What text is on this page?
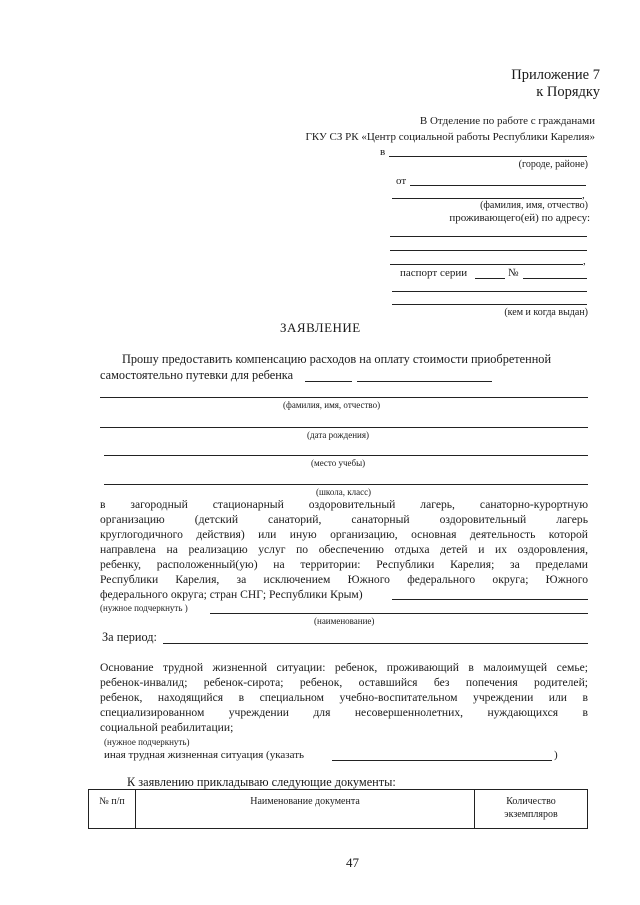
Приложение 7
к Порядку
В Отделение по работе с гражданами
ГКУ СЗ РК «Центр социальной работы Республики Карелия»
в
(городе, районе)
от
,
(фамилия, имя, отчество)
проживающего(ей) по адресу:
,
паспорт серии	№
(кем и когда выдан)
ЗАЯВЛЕНИЕ
Прошу предоставить компенсацию расходов на оплату стоимости приобретенной
самостоятельно путевки для ребенка
(фамилия, имя, отчество)
(дата рождения)
(место учебы)
(школа, класс)
в загородный стационарный оздоровительный лагерь, санаторно-курортную
организацию (детский санаторий, санаторный оздоровительный лагерь
круглогодичного действия) или иную организацию, основная деятельность которой
направлена на реализацию услуг по обеспечению отдыха детей и их оздоровления,
ребенку, расположенный(ую) на территории: Республики Карелия; за пределами
Республики Карелия, за исключением Южного федерального округа; Южного
федерального округа; стран СНГ; Республики Крым)
(нужное подчеркнуть )
(наименование)
За период:
Основание трудной жизненной ситуации: ребенок, проживающий в малоимущей семье;
ребенок-инвалид; ребенок-сирота; ребенок, оставшийся без попечения родителей;
ребенок, находящийся в специальном учебно-воспитательном учреждении или в
специализированном учреждении для несовершеннолетних, нуждающихся в
социальной реабилитации;
(нужное подчеркнуть)
иная трудная жизненная ситуация (указать	)
К заявлению прикладываю следующие документы:
№ п/п	Наименование документа	Количество
экземпляров
47
